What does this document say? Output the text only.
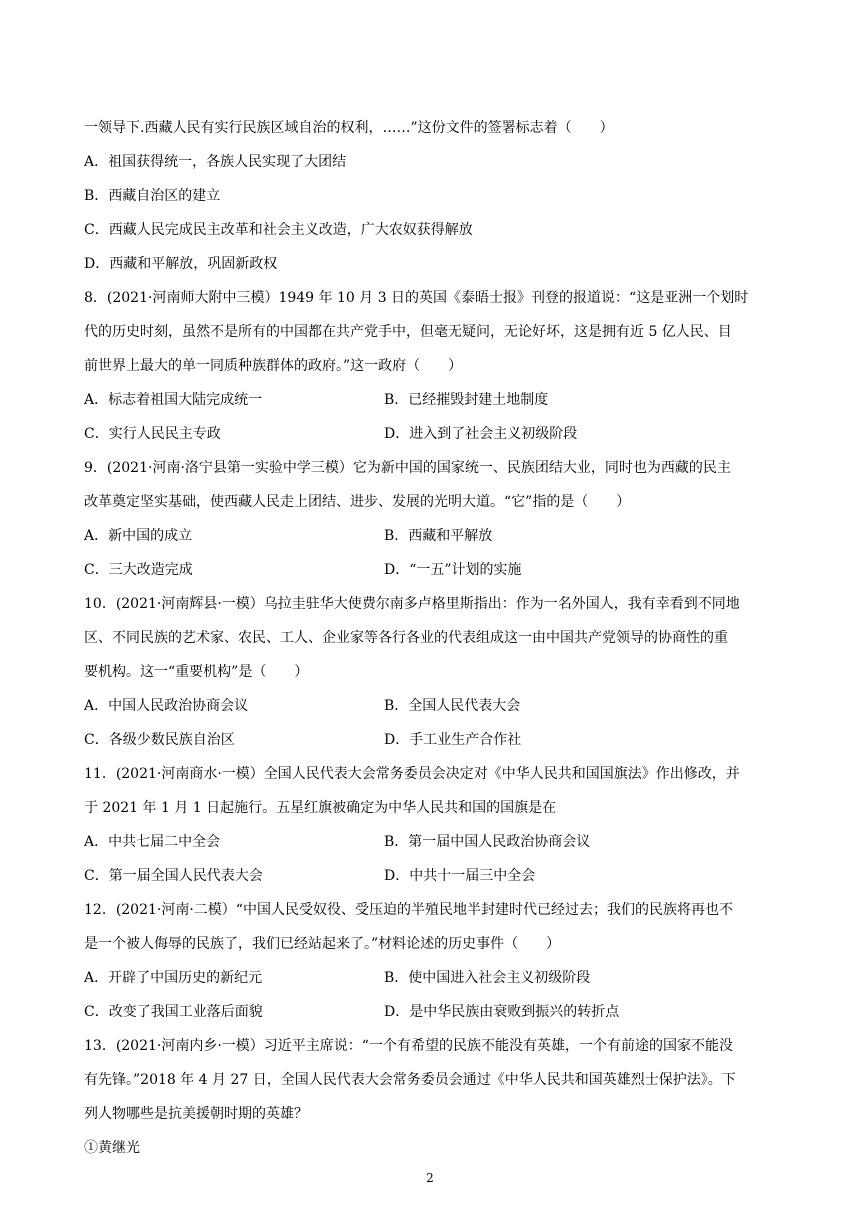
一领导下.西藏人民有实行民族区域自治的权利，……”这份文件的签署标志着（　　）
A．祖国获得统一，各族人民实现了大团结
B．西藏自治区的建立
C．西藏人民完成民主改革和社会主义改造，广大农奴获得解放
D．西藏和平解放，巩固新政权
8．(2021·河南师大附中三模）1949 年 10 月 3 日的英国《泰晤士报》刊登的报道说：“这是亚洲一个划时
代的历史时刻，虽然不是所有的中国都在共产党手中，但毫无疑问，无论好坏，这是拥有近 5 亿人民、目
前世界上最大的单一同质种族群体的政府。”这一政府（　　）
A．标志着祖国大陆完成统一	B．已经摧毁封建土地制度
C．实行人民民主专政	D．进入到了社会主义初级阶段
9．(2021·河南·洛宁县第一实验中学三模）它为新中国的国家统一、民族团结大业，同时也为西藏的民主
改革奠定坚实基础，使西藏人民走上团结、进步、发展的光明大道。“它”指的是（　　）
A．新中国的成立	B．西藏和平解放
C．三大改造完成	D．“一五”计划的实施
10．(2021·河南辉县·一模）乌拉圭驻华大使费尔南多卢格里斯指出：作为一名外国人，我有幸看到不同地
区、不同民族的艺术家、农民、工人、企业家等各行各业的代表组成这一由中国共产党领导的协商性的重
要机构。这一“重要机构”是（　　）
A．中国人民政治协商会议	B．全国人民代表大会
C．各级少数民族自治区	D．手工业生产合作社
11．(2021·河南商水·一模）全国人民代表大会常务委员会决定对《中华人民共和国国旗法》作出修改，并
于 2021 年 1 月 1 日起施行。五星红旗被确定为中华人民共和国的国旗是在
A．中共七届二中全会	B．第一届中国人民政治协商会议
C．第一届全国人民代表大会	D．中共十一届三中全会
12．(2021·河南·二模）“中国人民受奴役、受压迫的半殖民地半封建时代已经过去；我们的民族将再也不
是一个被人侮辱的民族了，我们已经站起来了。”材料论述的历史事件（　　）
A．开辟了中国历史的新纪元	B．使中国进入社会主义初级阶段
C．改变了我国工业落后面貌	D．是中华民族由衰败到振兴的转折点
13．(2021·河南内乡·一模）习近平主席说：“一个有希望的民族不能没有英雄，一个有前途的国家不能没
有先锋。”2018 年 4 月 27 日，全国人民代表大会常务委员会通过《中华人民共和国英雄烈士保护法》。下
列人物哪些是抗美援朝时期的英雄？
①黄继光
2
